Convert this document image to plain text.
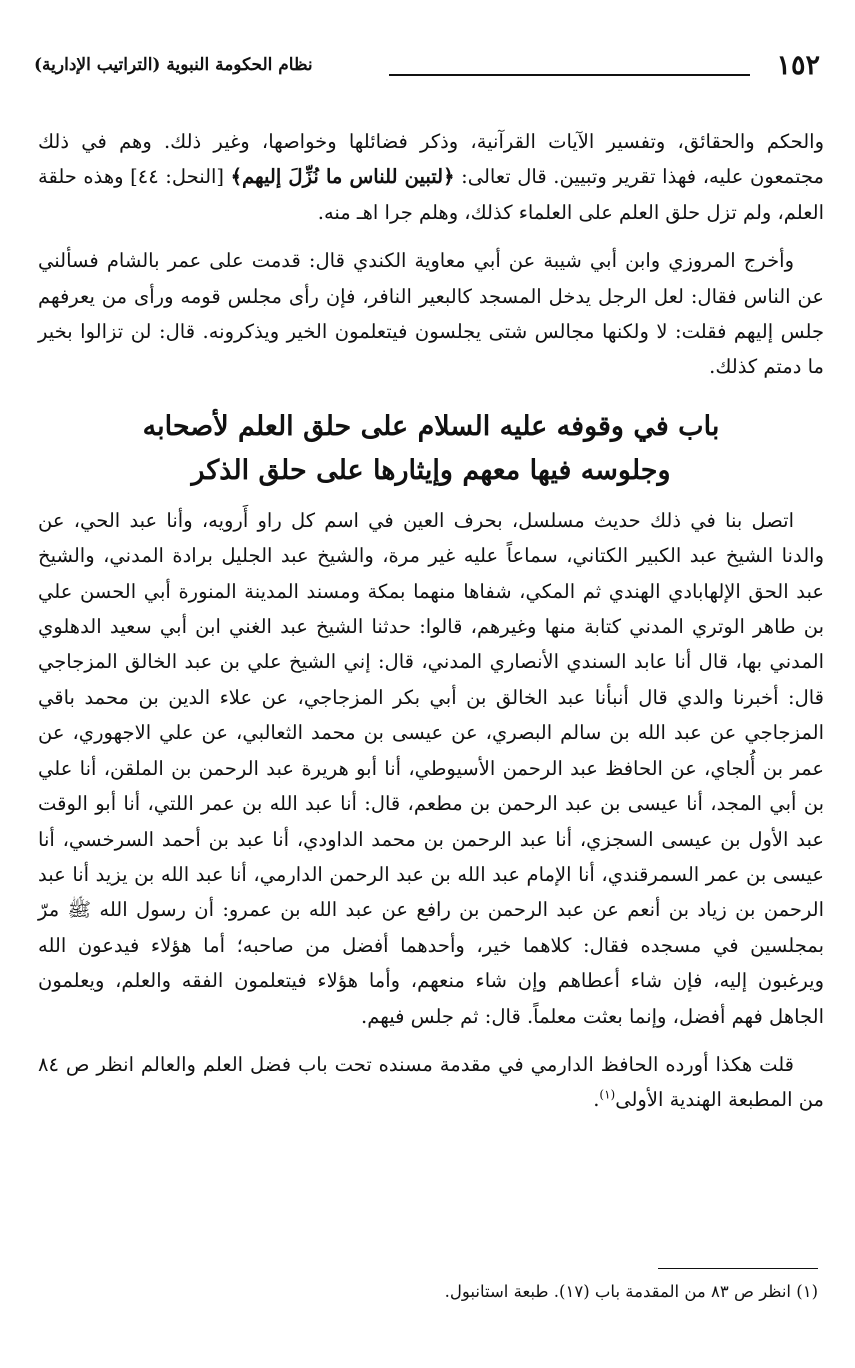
١٥٢
نظام الحكومة النبوية (التراتيب الإدارية)

والحكم والحقائق، وتفسير الآيات القرآنية، وذكر فضائلها وخواصها، وغير ذلك. وهم في ذلك مجتمعون عليه، فهذا تقرير وتبيين. قال تعالى: ﴿لتبين للناس ما نُزِّلَ إليهم﴾ [النحل: ٤٤] وهذه حلقة العلم، ولم تزل حلق العلم على العلماء كذلك، وهلم جرا اهـ منه.

وأخرج المروزي وابن أبي شيبة عن أبي معاوية الكندي قال: قدمت على عمر بالشام فسألني عن الناس فقال: لعل الرجل يدخل المسجد كالبعير النافر، فإن رأى مجلس قومه ورأى من يعرفهم جلس إليهم فقلت: لا ولكنها مجالس شتى يجلسون فيتعلمون الخير ويذكرونه. قال: لن تزالوا بخير ما دمتم كذلك.

باب في وقوفه عليه السلام على حلق العلم لأصحابه
وجلوسه فيها معهم وإيثارها على حلق الذكر

اتصل بنا في ذلك حديث مسلسل، بحرف العين في اسم كل راو أَرويه، وأنا عبد الحي، عن والدنا الشيخ عبد الكبير الكتاني، سماعاً عليه غير مرة، والشيخ عبد الجليل برادة المدني، والشيخ عبد الحق الإلهابادي الهندي ثم المكي، شفاها منهما بمكة ومسند المدينة المنورة أبي الحسن علي بن طاهر الوتري المدني كتابة منها وغيرهم، قالوا: حدثنا الشيخ عبد الغني ابن أبي سعيد الدهلوي المدني بها، قال أنا عابد السندي الأنصاري المدني، قال: إني الشيخ علي بن عبد الخالق المزجاجي قال: أخبرنا والدي قال أنبأنا عبد الخالق بن أبي بكر المزجاجي، عن علاء الدين بن محمد باقي المزجاجي عن عبد الله بن سالم البصري، عن عيسى بن محمد الثعالبي، عن علي الاجهوري، عن عمر بن أُلجاي، عن الحافظ عبد الرحمن الأسيوطي، أنا أبو هريرة عبد الرحمن بن الملقن، أنا علي بن أبي المجد، أنا عيسى بن عبد الرحمن بن مطعم، قال: أنا عبد الله بن عمر اللتي، أنا أبو الوقت عبد الأول بن عيسى السجزي، أنا عبد الرحمن بن محمد الداودي، أنا عبد بن أحمد السرخسي، أنا عيسى بن عمر السمرقندي، أنا الإمام عبد الله بن عبد الرحمن الدارمي، أنا عبد الله بن يزيد أنا عبد الرحمن بن زياد بن أنعم عن عبد الرحمن بن رافع عن عبد الله بن عمرو: أن رسول الله ﷺ مرّ بمجلسين في مسجده فقال: كلاهما خير، وأحدهما أفضل من صاحبه؛ أما هؤلاء فيدعون الله ويرغبون إليه، فإن شاء أعطاهم وإن شاء منعهم، وأما هؤلاء فيتعلمون الفقه والعلم، ويعلمون الجاهل فهم أفضل، وإنما بعثت معلماً. قال: ثم جلس فيهم.

قلت هكذا أورده الحافظ الدارمي في مقدمة مسنده تحت باب فضل العلم والعالم انظر ص ٨٤ من المطبعة الهندية الأولى$^{(١)}$.

(١) انظر ص ٨٣ من المقدمة باب (١٧). طبعة استانبول.
